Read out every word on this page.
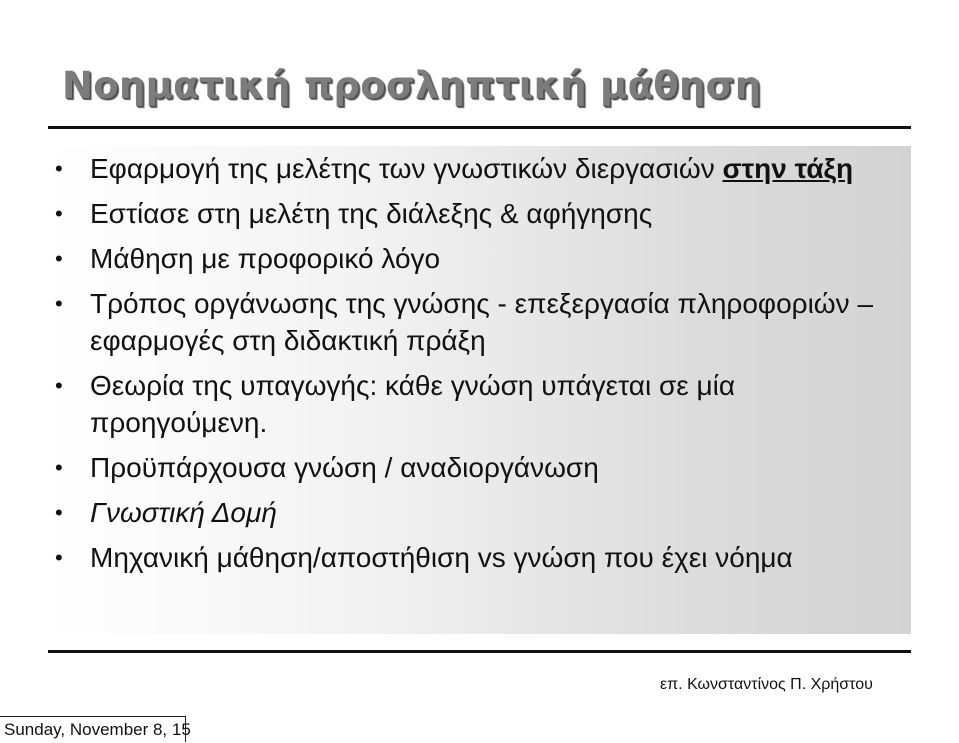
Νοηματική προσληπτική μάθηση
• Εφαρμογή της μελέτης των γνωστικών διεργασιών στην τάξη
• Εστίασε στη μελέτη της διάλεξης & αφήγησης
• Μάθηση με προφορικό λόγο
• Τρόπος οργάνωσης της γνώσης - επεξεργασία πληροφοριών – εφαρμογές στη διδακτική πράξη
• Θεωρία της υπαγωγής: κάθε γνώση υπάγεται σε μία προηγούμενη.
• Προϋπάρχουσα γνώση / αναδιοργάνωση
• Γνωστική Δομή
• Μηχανική μάθηση/αποστήθιση vs γνώση που έχει νόημα
επ. Κωνσταντίνος Π. Χρήστου
Sunday, November 8, 15
